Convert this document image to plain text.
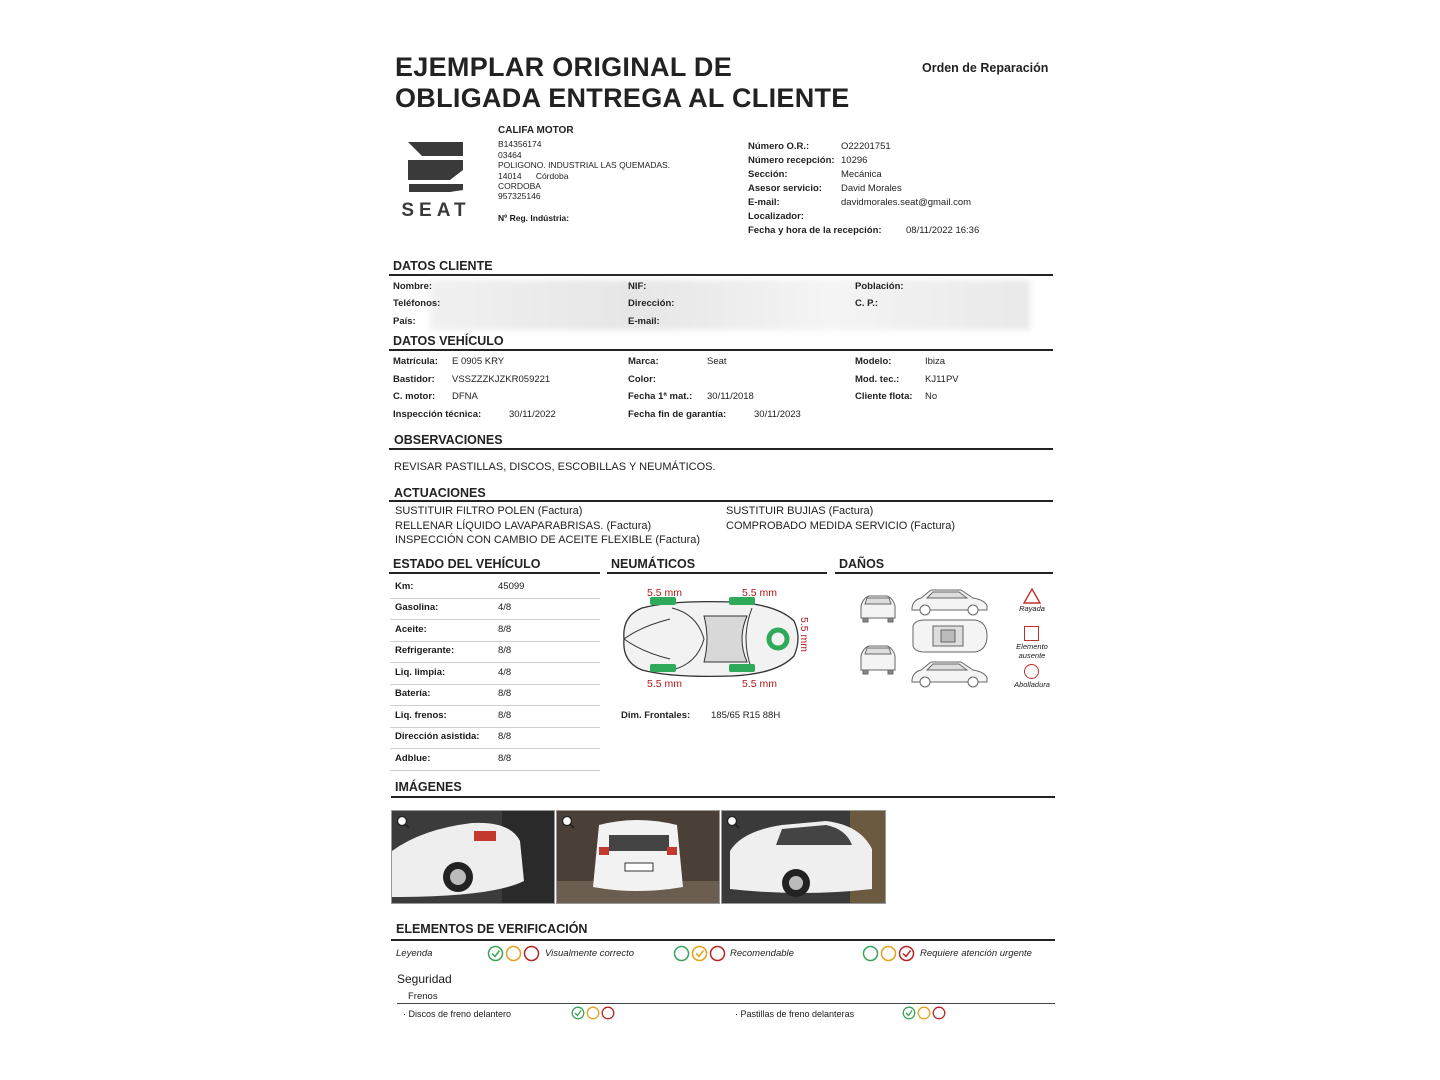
EJEMPLAR ORIGINAL DE
OBLIGADA ENTREGA AL CLIENTE
Orden de Reparación
SEAT
CALIFA MOTOR
B14356174
03464
POLIGONO. INDUSTRIAL LAS QUEMADAS.
14014 Córdoba
CORDOBA
957325146
Nº Reg. Indústria:
Número O.R.:	O22201751
Número recepción: 10296
Sección:	Mecánica
Asesor servicio: David Morales
E-mail:	davidmorales.seat@gmail.com
Localizador:
Fecha y hora de la recepción:	08/11/2022 16:36
DATOS CLIENTE
Nombre:	NIF:	Población:
Teléfonos:	Dirección:	C. P.:
País:	E-mail:
DATOS VEHÍCULO
Matrícula: E 0905 KRY	Marca:	Seat	Modelo:	Ibiza
Bastidor: VSSZZZKJZKR059221	Color:	Mod. tec.:	KJ11PV
C. motor: DFNA	Fecha 1ª mat.: 30/11/2018	Cliente flota: No
Inspección técnica:	30/11/2022	Fecha fin de garantía:	30/11/2023
OBSERVACIONES
REVISAR PASTILLAS, DISCOS, ESCOBILLAS Y NEUMÁTICOS.
ACTUACIONES
SUSTITUIR FILTRO POLEN (Factura)
RELLENAR LÍQUIDO LAVAPARABRISAS. (Factura)
INSPECCIÓN CON CAMBIO DE ACEITE FLEXIBLE (Factura)
SUSTITUIR BUJIAS (Factura)
COMPROBADO MEDIDA SERVICIO (Factura)
ESTADO DEL VEHÍCULO
Km:	45099
Gasolina:	4/8
Aceite:	8/8
Refrigerante:	8/8
Liq. limpia:	4/8
Batería:	8/8
Liq. frenos:	8/8
Dirección asistida: 8/8
Adblue:	8/8
NEUMÁTICOS
5.5 mm	5.5 mm
5.5 mm	5.5 mm
5.5 mm
Dim. Frontales: 185/65 R15 88H
DAÑOS
Rayada
Elemento
ausente
Abolladura
IMÁGENES
ELEMENTOS DE VERIFICACIÓN
Leyenda	Visualmente correcto	Recomendable	Requiere atención urgente
Seguridad
Frenos
· Discos de freno delantero	· Pastillas de freno delanteras
